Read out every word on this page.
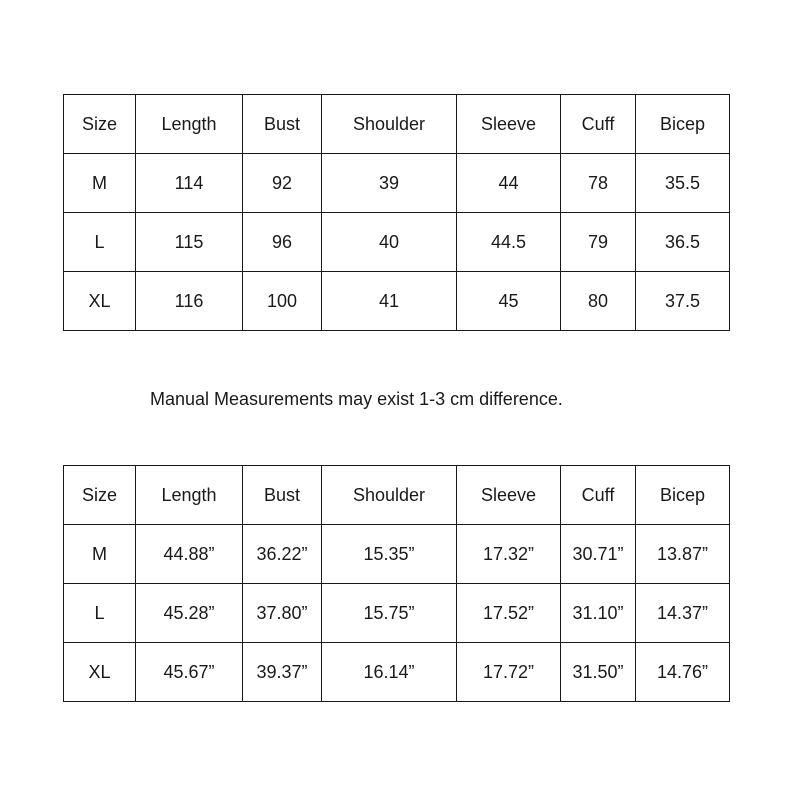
Size	Length	Bust	Shoulder	Sleeve	Cuff	Bicep
M	114	92	39	44	78	35.5
L	115	96	40	44.5	79	36.5
XL	116	100	41	45	80	37.5
Manual Measurements may exist 1-3 cm difference.
Size	Length	Bust	Shoulder	Sleeve	Cuff	Bicep
M	44.88”	36.22”	15.35”	17.32”	30.71”	13.87”
L	45.28”	37.80”	15.75”	17.52”	31.10”	14.37”
XL	45.67”	39.37”	16.14”	17.72”	31.50”	14.76”
